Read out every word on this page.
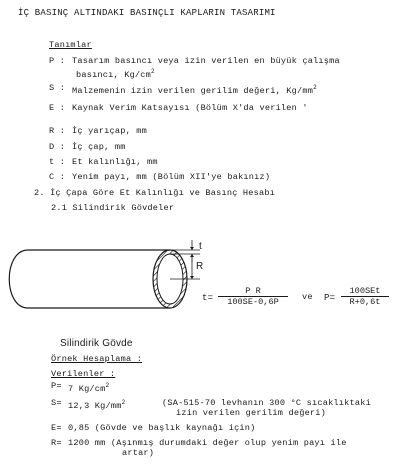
İÇ BASINÇ ALTINDAKI BASINÇLI KAPLARIN TASARIMI
Tanımlar
P : Tasarım basıncı veya izin verilen en büyük çalışma
basıncı, $Kg/cm^2$
S : Malzemenin izin verilen gerilim değeri, $Kg/mm^2$
E : Kaynak Verim Katsayısı (Bölüm X'da verilen '
R : İç yarıçap, mm
D : İç çap, mm
t : Et kalınlığı, mm
C : Yenim payı, mm (Bölüm XII'ye bakınız)
2. İç Çapa Göre Et Kalınlığı ve Basınç Hesabı
2.1 Silindirik Gövdeler
t
R
$t= \frac{\text{P R}}{100SE-0,6P}$ ve P=
100SEt
R+0,6t
Silindirik Gövde
Örnek Hesaplama :
Verilenler :
P= 7 $Kg/cm^2$
S= 12,3 $Kg/mm^2$	(SA-515-70 levhanın 300 °C sıcaklıktaki
izin verilen gerilim değeri)
E= 0,85 (Gövde ve başlık kaynağı için)
R= 1200 mm (Aşınmış durumdaki değer olup yenim payı ile
artar)
